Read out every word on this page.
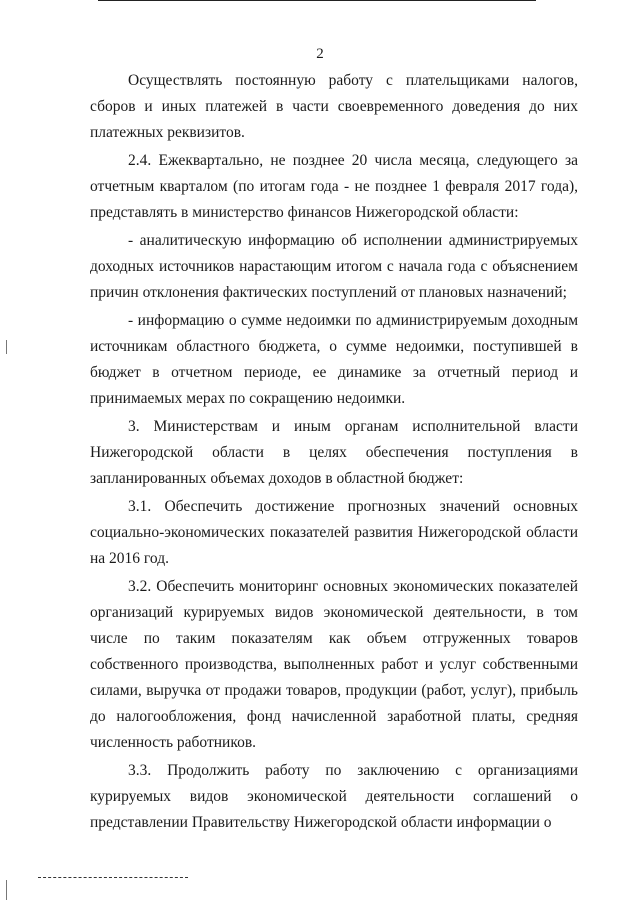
2

Осуществлять постоянную работу с плательщиками налогов, сборов и иных платежей в части своевременного доведения до них платежных реквизитов.

2.4. Ежеквартально, не позднее 20 числа месяца, следующего за отчетным кварталом (по итогам года - не позднее 1 февраля 2017 года), представлять в министерство финансов Нижегородской области:

- аналитическую информацию об исполнении администрируемых доходных источников нарастающим итогом с начала года с объяснением причин отклонения фактических поступлений от плановых назначений;

- информацию о сумме недоимки по администрируемым доходным источникам областного бюджета, о сумме недоимки, поступившей в бюджет в отчетном периоде, ее динамике за отчетный период и принимаемых мерах по сокращению недоимки.

3. Министерствам и иным органам исполнительной власти Нижегородской области в целях обеспечения поступления в запланированных объемах доходов в областной бюджет:

3.1. Обеспечить достижение прогнозных значений основных социально-экономических показателей развития Нижегородской области на 2016 год.

3.2. Обеспечить мониторинг основных экономических показателей организаций курируемых видов экономической деятельности, в том числе по таким показателям как объем отгруженных товаров собственного производства, выполненных работ и услуг собственными силами, выручка от продажи товаров, продукции (работ, услуг), прибыль до налогообложения, фонд начисленной заработной платы, средняя численность работников.

3.3. Продолжить работу по заключению с организациями курируемых видов экономической деятельности соглашений о представлении Правительству Нижегородской области информации о
